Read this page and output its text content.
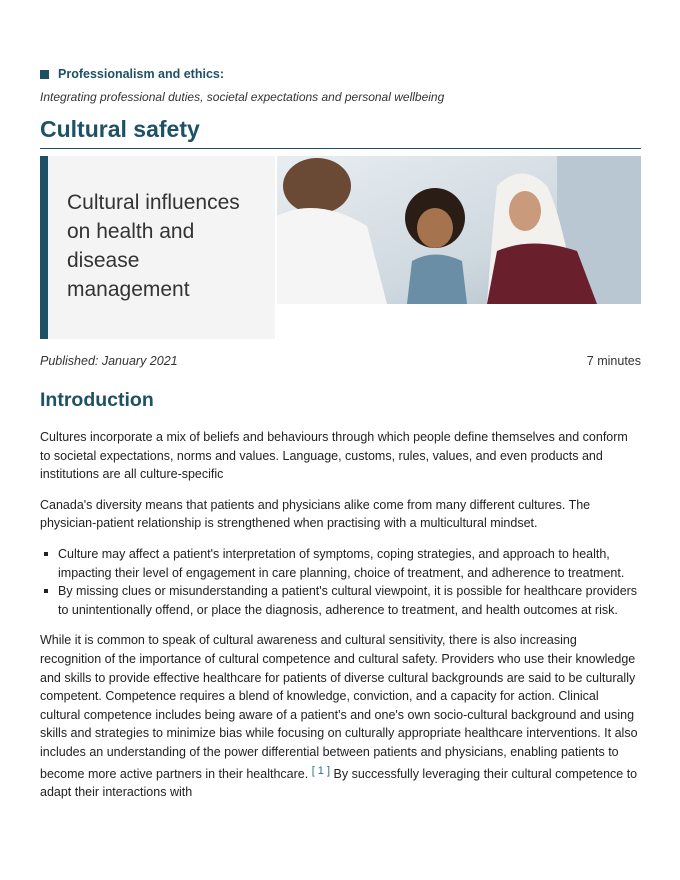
Professionalism and ethics:
Integrating professional duties, societal expectations and personal wellbeing
Cultural safety
Cultural influences on health and disease management
Published: January 2021	7 minutes
Introduction

Cultures incorporate a mix of beliefs and behaviours through which people define themselves and conform to societal expectations, norms and values. Language, customs, rules, values, and even products and institutions are all culture-specific

Canada's diversity means that patients and physicians alike come from many different cultures. The physician-patient relationship is strengthened when practising with a multicultural mindset.

Culture may affect a patient's interpretation of symptoms, coping strategies, and approach to health, impacting their level of engagement in care planning, choice of treatment, and adherence to treatment.
By missing clues or misunderstanding a patient's cultural viewpoint, it is possible for healthcare providers to unintentionally offend, or place the diagnosis, adherence to treatment, and health outcomes at risk.

While it is common to speak of cultural awareness and cultural sensitivity, there is also increasing recognition of the importance of cultural competence and cultural safety. Providers who use their knowledge and skills to provide effective healthcare for patients of diverse cultural backgrounds are said to be culturally competent. Competence requires a blend of knowledge, conviction, and a capacity for action. Clinical cultural competence includes being aware of a patient's and one's own socio-cultural background and using skills and strategies to minimize bias while focusing on culturally appropriate healthcare interventions. It also includes an understanding of the power differential between patients and physicians, enabling patients to become more active partners in their healthcare. [ 1 ] By successfully leveraging their cultural competence to adapt their interactions with
